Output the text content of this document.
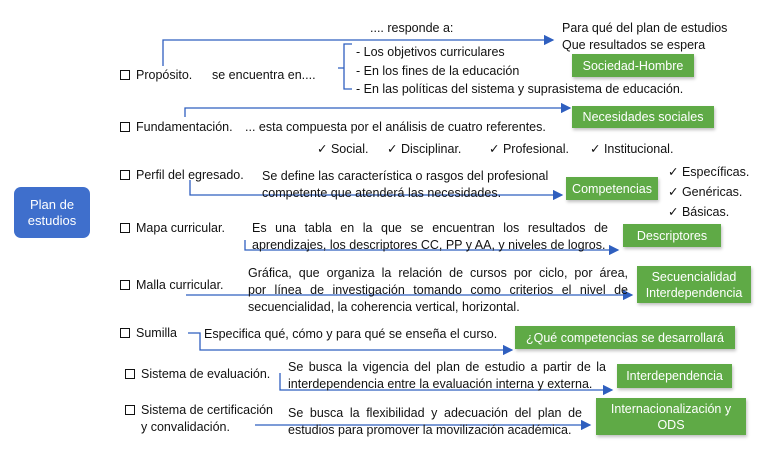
Plan de estudios
.... responde a:	Para qué del plan de estudios
Que resultados se espera
Propósito. se encuentra en....
- Los objetivos curriculares
- En los fines de la educación
- En las políticas del sistema y suprasistema de educación.
Sociedad-Hombre
Fundamentación. ... esta compuesta por el análisis de cuatro referentes.
Necesidades sociales
✓ Social. ✓ Disciplinar. ✓ Profesional. ✓ Institucional.
Perfil del egresado. Se define las característica o rasgos del profesional
competente que atenderá las necesidades.	Competencias
✓ Específicas.
✓ Genéricas.
✓ Básicas.
Mapa curricular. Es una tabla en la que se encuentran los resultados de
aprendizajes, los descriptores CC, PP y AA, y niveles de logros.
Descriptores
Malla curricular.
Gráfica, que organiza la relación de cursos por ciclo, por área,
por línea de investigación tomando como criterios el nivel de
secuencialidad, la coherencia vertical, horizontal.
Secuencialidad
Interdependencia
Sumilla Especifica qué, cómo y para qué se enseña el curso. ¿Qué competencias se desarrollará
Sistema de evaluación. Se busca la vigencia del plan de estudio a partir de la
interdependencia entre la evaluación interna y externa.
Interdependencia
Sistema de certificación
y convalidación.
Se busca la flexibilidad y adecuación del plan de
estudios para promover la movilización académica.
Internacionalización y
ODS
